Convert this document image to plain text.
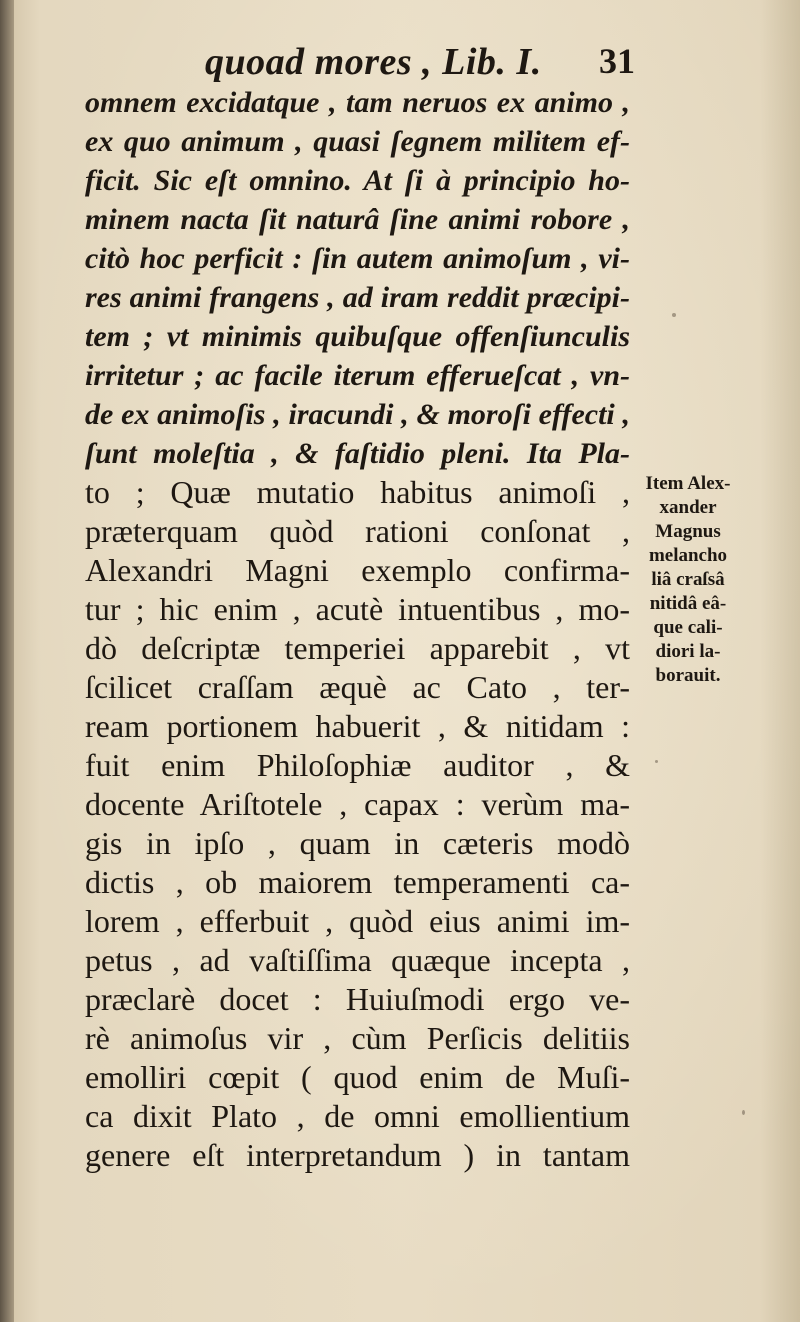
quoad mores , Lib. I. 31
omnem excidatque , tam neruos ex animo ,
ex quo animum , quasi ſegnem militem ef-
ficit. Sic eſt omnino. At ſi à principio ho-
minem nacta ſit naturâ ſine animi robore ,
citò hoc perficit : ſin autem animoſum , vi-
res animi frangens , ad iram reddit præcipi-
tem ; vt minimis quibuſque offenſiunculis
irritetur ; ac facile iterum efferueſcat , vn-
de ex animoſis , iracundi , & moroſi effecti ,
ſunt moleſtia , & faſtidio pleni. Ita Pla-
to ; Quæ mutatio habitus animoſi ,
præterquam quòd rationi conſonat ,
Alexandri Magni exemplo confirma-
tur ; hic enim , acutè intuentibus , mo-
dò deſcriptæ temperiei apparebit , vt
ſcilicet craſſam æquè ac Cato , ter-
ream portionem habuerit , & nitidam :
fuit enim Philoſophiæ auditor , &
docente Ariſtotele , capax : verùm ma-
gis in ipſo , quam in cæteris modò
dictis , ob maiorem temperamenti ca-
lorem , efferbuit , quòd eius animi im-
petus , ad vaſtiſſima quæque incepta ,
præclarè docet : Huiuſmodi ergo ve-
rè animoſus vir , cùm Perſicis delitiis
emolliri cœpit ( quod enim de Muſi-
ca dixit Plato , de omni emollientium
genere eſt interpretandum ) in tantam
Item Alex-
xander
Magnus
melancho
liâ craſsâ
nitidâ eâ-
que cali-
diori la-
borauit.
